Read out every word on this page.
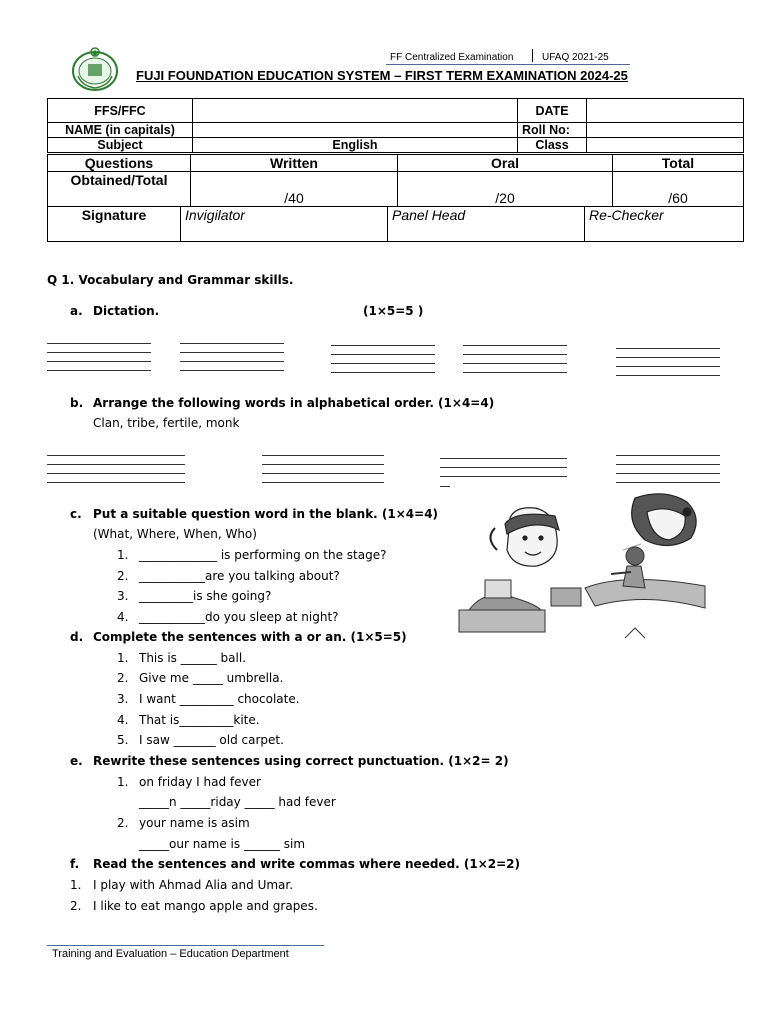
FF Centralized Examination	UFAQ 2021-25
FUJI FOUNDATION EDUCATION SYSTEM – FIRST TERM EXAMINATION 2024-25
FFS/FFC		DATE	
NAME (in capitals)		Roll No:	
Subject	English	Class	
Questions	Written	Oral	Total
Obtained/Total	/40	/20	/60
Signature	Invigilator	Panel Head	Re-Checker
Q 1. Vocabulary and Grammar skills.
a. Dictation.	(1×5=5 )
b. Arrange the following words in alphabetical order. (1×4=4)
Clan, tribe, fertile, monk
c. Put a suitable question word in the blank. (1×4=4)
(What, Where, When, Who)
1. _____________ is performing on the stage?
2. ___________are you talking about?
3. _________is she going?
4. ___________do you sleep at night?
d. Complete the sentences with a or an. (1×5=5)
1. This is ______ ball.
2. Give me _____ umbrella.
3. I want _________ chocolate.
4. That is_________kite.
5. I saw _______ old carpet.
e. Rewrite these sentences using correct punctuation. (1×2= 2)
1. on friday I had fever
_____n _____riday _____ had fever
2. your name is asim
_____our name is ______ sim
f. Read the sentences and write commas where needed. (1×2=2)
1. I play with Ahmad Alia and Umar.
2. I like to eat mango apple and grapes.
Training and Evaluation – Education Department
